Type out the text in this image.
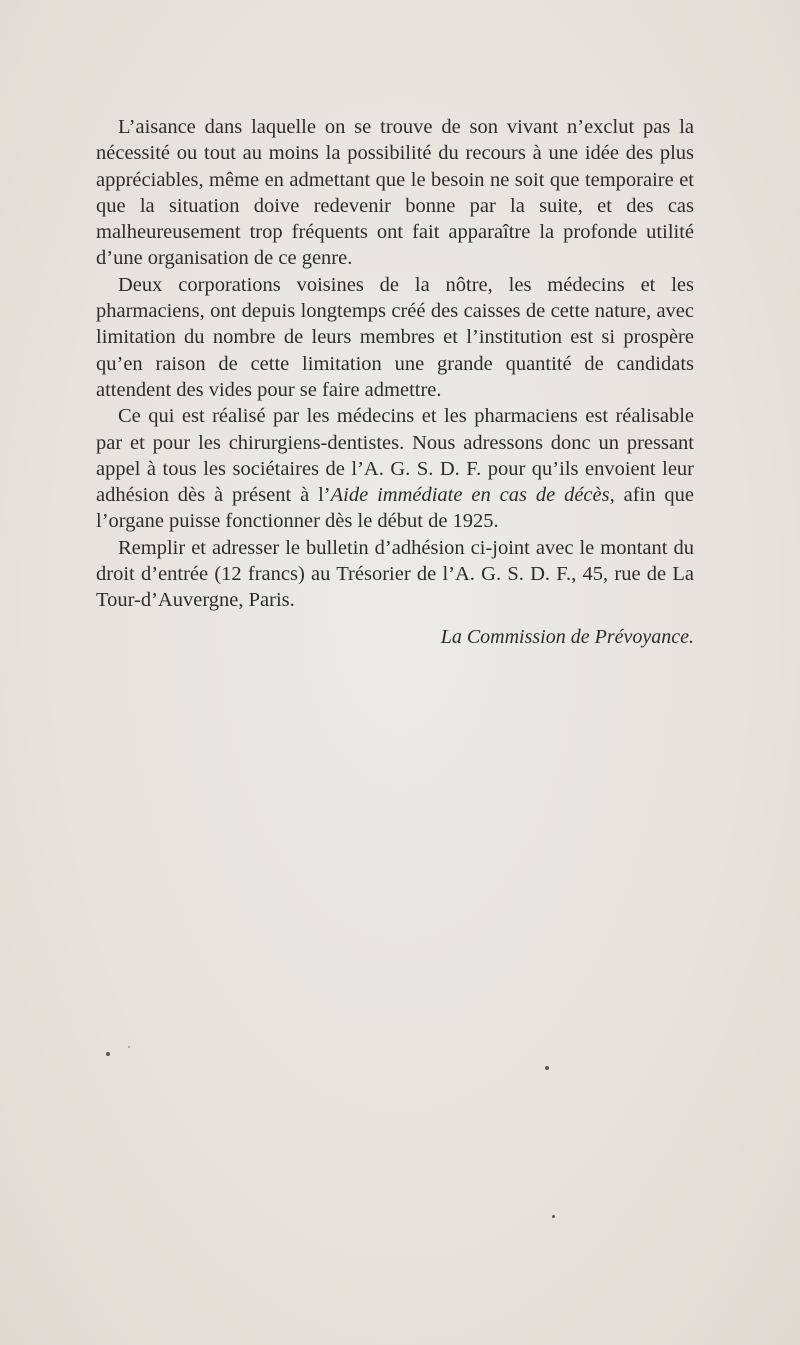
L’aisance dans laquelle on se trouve de son vivant n’exclut pas la nécessité ou tout au moins la possibilité du recours à une idée des plus appréciables, même en admettant que le besoin ne soit que temporaire et que la situation doive redevenir bonne par la suite, et des cas malheureusement trop fréquents ont fait apparaître la profonde utilité d’une organisation de ce genre.

Deux corporations voisines de la nôtre, les médecins et les pharmaciens, ont depuis longtemps créé des caisses de cette nature, avec limitation du nombre de leurs membres et l’institution est si prospère qu’en raison de cette limitation une grande quantité de candidats attendent des vides pour se faire admettre.

Ce qui est réalisé par les médecins et les pharmaciens est réalisable par et pour les chirurgiens-dentistes. Nous adressons donc un pressant appel à tous les sociétaires de l’A. G. S. D. F. pour qu’ils envoient leur adhésion dès à présent à l’Aide immédiate en cas de décès, afin que l’organe puisse fonctionner dès le début de 1925.

Remplir et adresser le bulletin d’adhésion ci-joint avec le montant du droit d’entrée (12 francs) au Trésorier de l’A. G. S. D. F., 45, rue de La Tour-d’Auvergne, Paris.

La Commission de Prévoyance.
